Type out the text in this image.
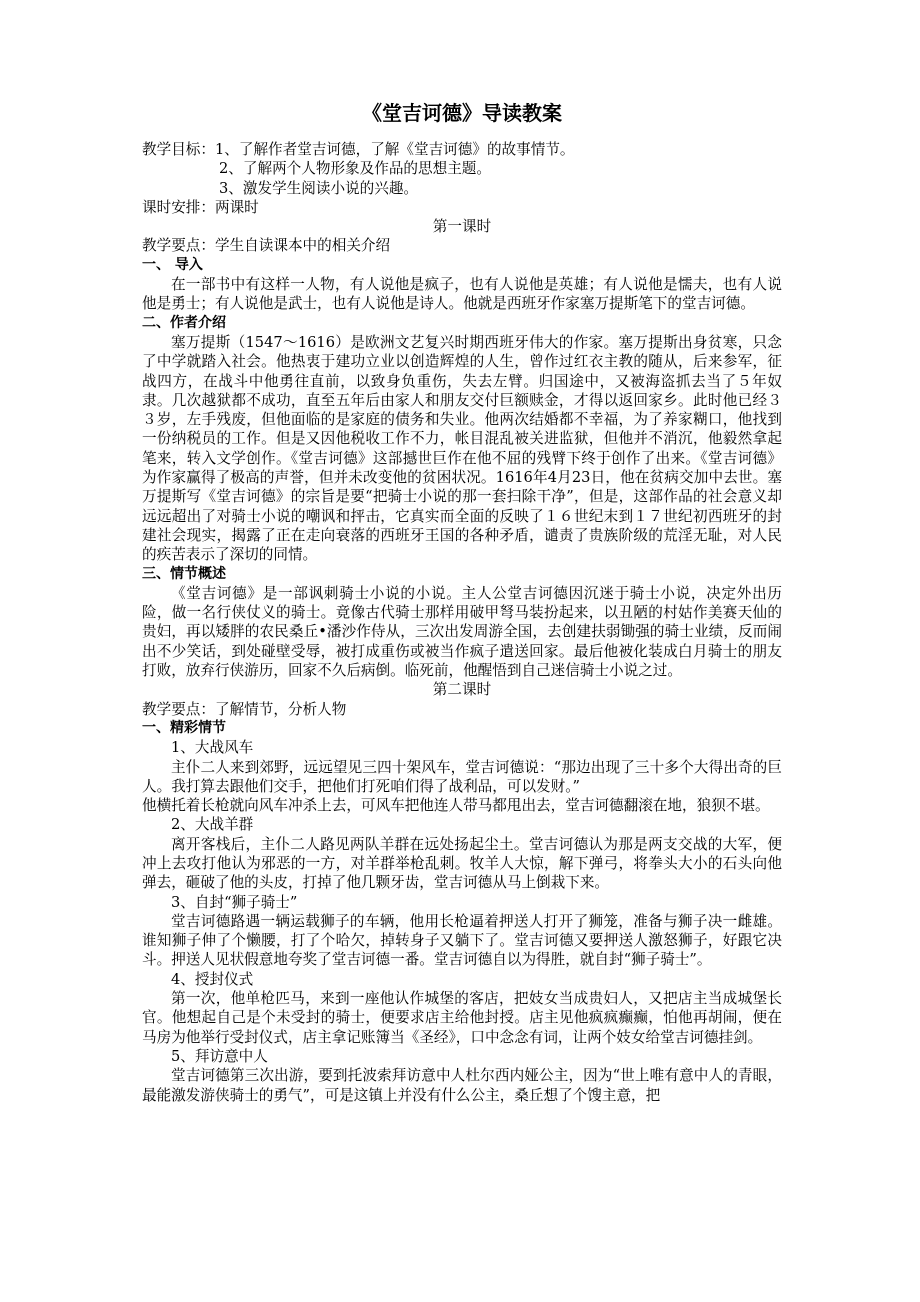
《堂吉诃德》导读教案
教学目标：1、了解作者堂吉诃德，了解《堂吉诃德》的故事情节。
2、了解两个人物形象及作品的思想主题。
3、激发学生阅读小说的兴趣。
课时安排：两课时
第一课时
教学要点：学生自读课本中的相关介绍
一、 导入

在一部书中有这样一人物，有人说他是疯子，也有人说他是英雄；有人说他是懦夫，也有人说他是勇士；有人说他是武士，也有人说他是诗人。他就是西班牙作家塞万提斯笔下的堂吉诃德。

二、作者介绍

塞万提斯（1547～1616）是欧洲文艺复兴时期西班牙伟大的作家。塞万提斯出身贫寒，只念了中学就踏入社会。他热衷于建功立业以创造辉煌的人生，曾作过红衣主教的随从，后来参军，征战四方，在战斗中他勇往直前，以致身负重伤，失去左臂。归国途中，又被海盗抓去当了５年奴隶。几次越狱都不成功，直至五年后由家人和朋友交付巨额赎金，才得以返回家乡。此时他已经３３岁，左手残废，但他面临的是家庭的债务和失业。他两次结婚都不幸福，为了养家糊口，他找到一份纳税员的工作。但是又因他税收工作不力，帐目混乱被关进监狱，但他并不消沉，他毅然拿起笔来，转入文学创作。《堂吉诃德》这部撼世巨作在他不屈的残臂下终于创作了出来。《堂吉诃德》为作家赢得了极高的声誉，但并未改变他的贫困状况。1616年4月23日，他在贫病交加中去世。塞万提斯写《堂吉诃德》的宗旨是要“把骑士小说的那一套扫除干净”，但是，这部作品的社会意义却远远超出了对骑士小说的嘲讽和抨击，它真实而全面的反映了１６世纪末到１７世纪初西班牙的封建社会现实，揭露了正在走向衰落的西班牙王国的各种矛盾，谴责了贵族阶级的荒淫无耻，对人民的疾苦表示了深切的同情。

三、情节概述

《堂吉诃德》是一部讽刺骑士小说的小说。主人公堂吉诃德因沉迷于骑士小说，决定外出历险，做一名行侠仗义的骑士。竟像古代骑士那样用破甲弩马装扮起来，以丑陋的村姑作美赛天仙的贵妇，再以矮胖的农民桑丘•潘沙作侍从，三次出发周游全国，去创建扶弱锄强的骑士业绩，反而闹出不少笑话，到处碰壁受辱，被打成重伤或被当作疯子遣送回家。最后他被化装成白月骑士的朋友打败，放弃行侠游历，回家不久后病倒。临死前，他醒悟到自己迷信骑士小说之过。

第二课时
教学要点：了解情节，分析人物
一、精彩情节
1、大战风车

主仆二人来到郊野，远远望见三四十架风车，堂吉诃德说：“那边出现了三十多个大得出奇的巨人。我打算去跟他们交手，把他们打死咱们得了战利品，可以发财。”

他横托着长枪就向风车冲杀上去，可风车把他连人带马都甩出去，堂吉诃德翻滚在地，狼狈不堪。

2、大战羊群

离开客栈后，主仆二人路见两队羊群在远处扬起尘土。堂吉诃德认为那是两支交战的大军，便冲上去攻打他认为邪恶的一方，对羊群举枪乱刺。牧羊人大惊，解下弹弓，将拳头大小的石头向他弹去，砸破了他的头皮，打掉了他几颗牙齿，堂吉诃德从马上倒栽下来。

3、自封“狮子骑士”

堂吉诃德路遇一辆运载狮子的车辆，他用长枪逼着押送人打开了狮笼，准备与狮子决一雌雄。谁知狮子伸了个懒腰，打了个哈欠，掉转身子又躺下了。堂吉诃德又要押送人激怒狮子，好跟它决斗。押送人见状假意地夸奖了堂吉诃德一番。堂吉诃德自以为得胜，就自封“狮子骑士”。

4、授封仪式

第一次，他单枪匹马，来到一座他认作城堡的客店，把妓女当成贵妇人，又把店主当成城堡长官。他想起自己是个未受封的骑士，便要求店主给他封授。店主见他疯疯癫癫，怕他再胡闹，便在马房为他举行受封仪式，店主拿记账簿当《圣经》，口中念念有词，让两个妓女给堂吉诃德挂剑。

5、拜访意中人

堂吉诃德第三次出游，要到托波索拜访意中人杜尔西内娅公主，因为“世上唯有意中人的青眼，最能激发游侠骑士的勇气”，可是这镇上并没有什么公主，桑丘想了个馊主意，把
